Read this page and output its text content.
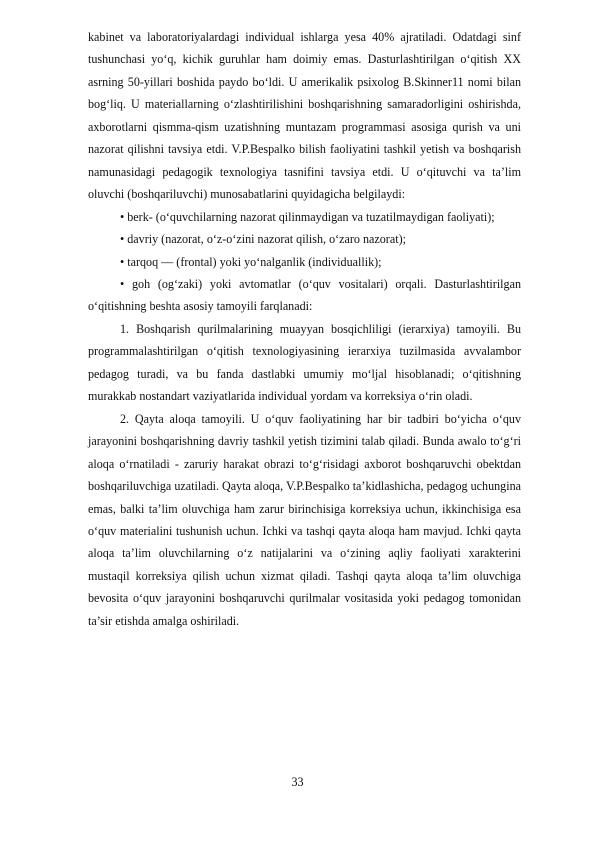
kabinet va laboratoriyalardagi individual ishlarga yesa 40% ajratiladi. Odatdagi sinf tushunchasi yo‘q, kichik guruhlar ham doimiy emas. Dasturlashtirilgan o‘qitish XX asrning 50-yillari boshida paydo bo‘ldi. U amerikalik psixolog B.Skinner11 nomi bilan bog‘liq. U materiallarning o‘zlashtirilishini boshqarishning samaradorligini oshirishda, axborotlarni qismma-qism uzatishning muntazam programmasi asosiga qurish va uni nazorat qilishni tavsiya etdi. V.P.Bespalko bilish faoliyatini tashkil yetish va boshqarish namunasidagi pedagogik texnologiya tasnifini tavsiya etdi. U o‘qituvchi va ta’lim oluvchi (boshqariluvchi) munosabatlarini quyidagicha belgilaydi:

• berk- (o‘quvchilarning nazorat qilinmaydigan va tuzatilmaydigan faoliyati);

• davriy (nazorat, o‘z-o‘zini nazorat qilish, o‘zaro nazorat);

• tarqoq — (frontal) yoki yo‘nalganlik (individuallik);

• goh (og‘zaki) yoki avtomatlar (o‘quv vositalari) orqali. Dasturlashtirilgan o‘qitishning beshta asosiy tamoyili farqlanadi:

1. Boshqarish qurilmalarining muayyan bosqichliligi (ierarxiya) tamoyili. Bu programmalashtirilgan o‘qitish texnologiyasining ierarxiya tuzilmasida avvalambor pedagog turadi, va bu fanda dastlabki umumiy mo‘ljal hisoblanadi; o‘qitishning murakkab nostandart vaziyatlarida individual yordam va korreksiya o‘rin oladi.

2. Qayta aloqa tamoyili. U o‘quv faoliyatining har bir tadbiri bo‘yicha o‘quv jarayonini boshqarishning davriy tashkil yetish tizimini talab qiladi. Bunda awalo to‘g‘ri aloqa o‘rnatiladi - zaruriy harakat obrazi to‘g‘risidagi axborot boshqaruvchi obektdan boshqariluvchiga uzatiladi. Qayta aloqa, V.P.Bespalko ta’kidlashicha, pedagog uchungina emas, balki ta’lim oluvchiga ham zarur birinchisiga korreksiya uchun, ikkinchisiga esa o‘quv materialini tushunish uchun. Ichki va tashqi qayta aloqa ham mavjud. Ichki qayta aloqa ta’lim oluvchilarning o‘z natijalarini va o‘zining aqliy faoliyati xarakterini mustaqil korreksiya qilish uchun xizmat qiladi. Tashqi qayta aloqa ta’lim oluvchiga bevosita o‘quv jarayonini boshqaruvchi qurilmalar vositasida yoki pedagog tomonidan ta’sir etishda amalga oshiriladi.

33
